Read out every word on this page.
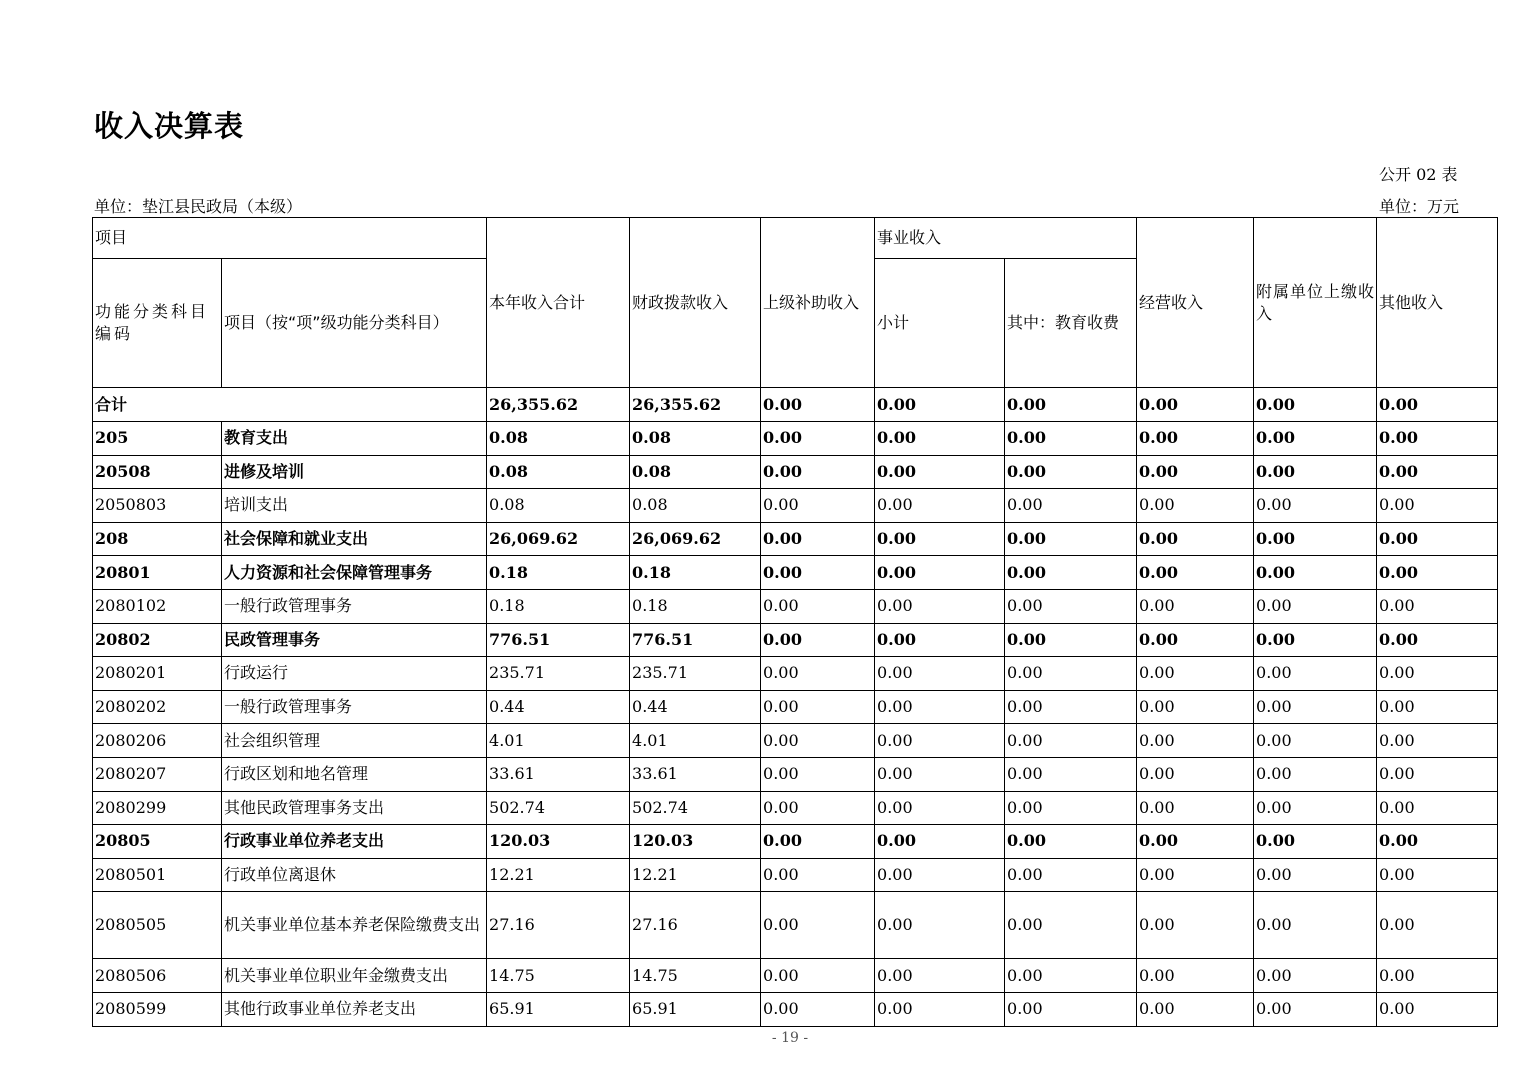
收入决算表
公开 02 表
单位：垫江县民政局（本级）	单位：万元
项目		本年收入合计	财政拨款收入	上级补助收入	事业收入		经营收入	附属单位上缴收入	其他收入
功能分类科目编码	项目（按“项”级功能分类科目）				小计	其中：教育收费			
合计		26,355.62	26,355.62	0.00	0.00	0.00	0.00	0.00	0.00
205	教育支出	0.08	0.08	0.00	0.00	0.00	0.00	0.00	0.00
20508	进修及培训	0.08	0.08	0.00	0.00	0.00	0.00	0.00	0.00
2050803	培训支出	0.08	0.08	0.00	0.00	0.00	0.00	0.00	0.00
208	社会保障和就业支出	26,069.62	26,069.62	0.00	0.00	0.00	0.00	0.00	0.00
20801	人力资源和社会保障管理事务	0.18	0.18	0.00	0.00	0.00	0.00	0.00	0.00
2080102	一般行政管理事务	0.18	0.18	0.00	0.00	0.00	0.00	0.00	0.00
20802	民政管理事务	776.51	776.51	0.00	0.00	0.00	0.00	0.00	0.00
2080201	行政运行	235.71	235.71	0.00	0.00	0.00	0.00	0.00	0.00
2080202	一般行政管理事务	0.44	0.44	0.00	0.00	0.00	0.00	0.00	0.00
2080206	社会组织管理	4.01	4.01	0.00	0.00	0.00	0.00	0.00	0.00
2080207	行政区划和地名管理	33.61	33.61	0.00	0.00	0.00	0.00	0.00	0.00
2080299	其他民政管理事务支出	502.74	502.74	0.00	0.00	0.00	0.00	0.00	0.00
20805	行政事业单位养老支出	120.03	120.03	0.00	0.00	0.00	0.00	0.00	0.00
2080501	行政单位离退休	12.21	12.21	0.00	0.00	0.00	0.00	0.00	0.00
2080505	机关事业单位基本养老保险缴费支出	27.16	27.16	0.00	0.00	0.00	0.00	0.00	0.00
2080506	机关事业单位职业年金缴费支出	14.75	14.75	0.00	0.00	0.00	0.00	0.00	0.00
2080599	其他行政事业单位养老支出	65.91	65.91	0.00	0.00	0.00	0.00	0.00	0.00
- 19 -
